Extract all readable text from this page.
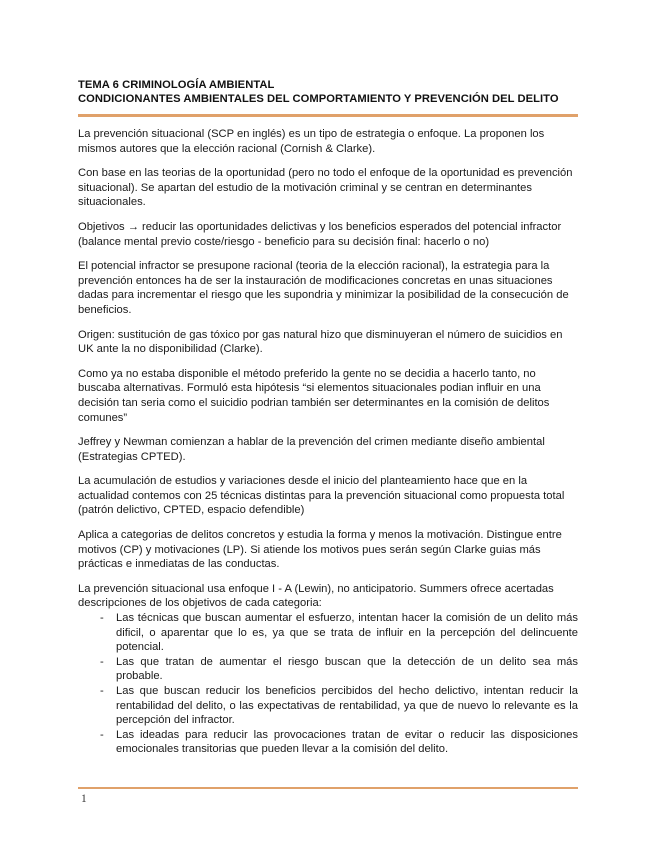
TEMA 6 CRIMINOLOGÍA AMBIENTAL
CONDICIONANTES AMBIENTALES DEL COMPORTAMIENTO Y PREVENCIÓN DEL DELITO

La prevención situacional (SCP en inglés) es un tipo de estrategia o enfoque. La proponen los mismos autores que la elección racional (Cornish & Clarke).

Con base en las teorias de la oportunidad (pero no todo el enfoque de la oportunidad es prevención situacional). Se apartan del estudio de la motivación criminal y se centran en determinantes situacionales.

Objetivos → reducir las oportunidades delictivas y los beneficios esperados del potencial infractor (balance mental previo coste/riesgo - beneficio para su decisión final: hacerlo o no)

El potencial infractor se presupone racional (teoria de la elección racional), la estrategia para la prevención entonces ha de ser la instauración de modificaciones concretas en unas situaciones dadas para incrementar el riesgo que les supondria y minimizar la posibilidad de la consecución de beneficios.

Origen: sustitución de gas tóxico por gas natural hizo que disminuyeran el número de suicidios en UK ante la no disponibilidad (Clarke).

Como ya no estaba disponible el método preferido la gente no se decidia a hacerlo tanto, no buscaba alternativas. Formuló esta hipótesis “si elementos situacionales podian influir en una decisión tan seria como el suicidio podrian también ser determinantes en la comisión de delitos comunes”

Jeffrey y Newman comienzan a hablar de la prevención del crimen mediante diseño ambiental (Estrategias CPTED).

La acumulación de estudios y variaciones desde el inicio del planteamiento hace que en la actualidad contemos con 25 técnicas distintas para la prevención situacional como propuesta total (patrón delictivo, CPTED, espacio defendible)

Aplica a categorias de delitos concretos y estudia la forma y menos la motivación. Distingue entre motivos (CP) y motivaciones (LP). Si atiende los motivos pues serán según Clarke guias más prácticas e inmediatas de las conductas.

La prevención situacional usa enfoque I - A (Lewin), no anticipatorio. Summers ofrece acertadas descripciones de los objetivos de cada categoria:

- Las técnicas que buscan aumentar el esfuerzo, intentan hacer la comisión de un delito más dificil, o aparentar que lo es, ya que se trata de influir en la percepción del delincuente potencial.
- Las que tratan de aumentar el riesgo buscan que la detección de un delito sea más probable.
- Las que buscan reducir los beneficios percibidos del hecho delictivo, intentan reducir la rentabilidad del delito, o las expectativas de rentabilidad, ya que de nuevo lo relevante es la percepción del infractor.
- Las ideadas para reducir las provocaciones tratan de evitar o reducir las disposiciones emocionales transitorias que pueden llevar a la comisión del delito.
1
